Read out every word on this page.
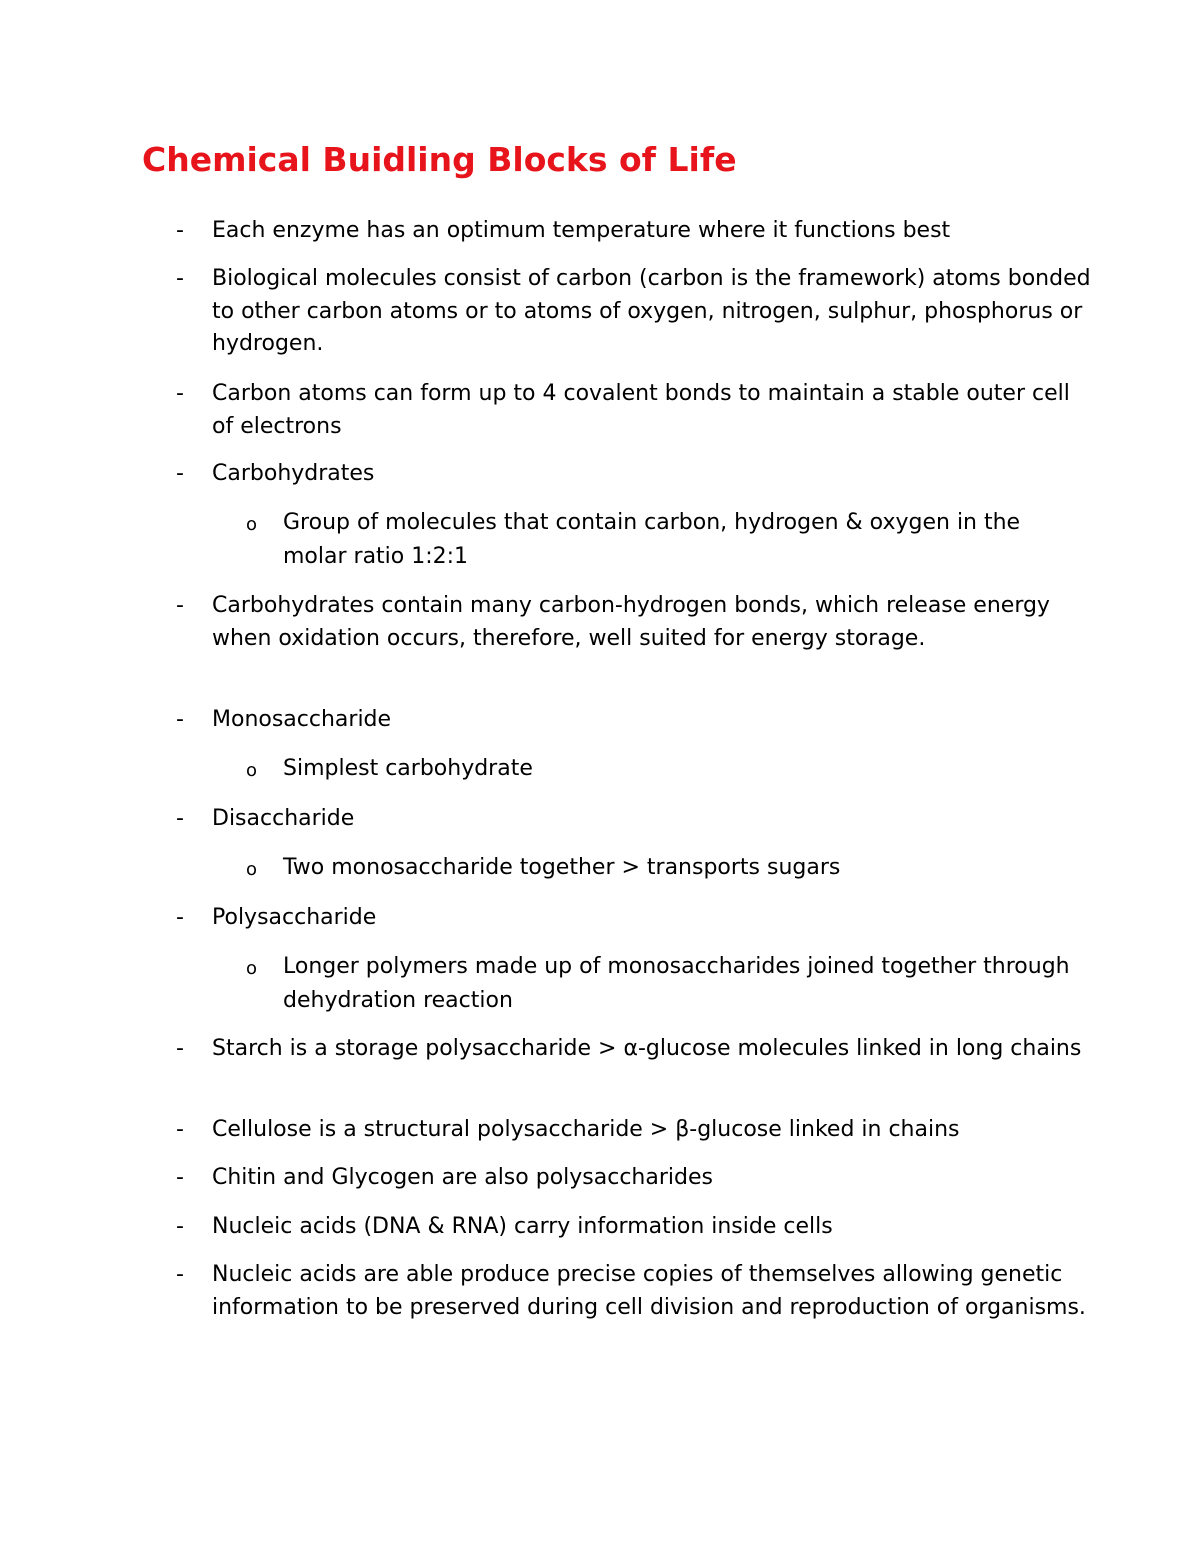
Chemical Buidling Blocks of Life
-	Each enzyme has an optimum temperature where it functions best
-	Biological molecules consist of carbon (carbon is the framework) atoms bonded to other carbon atoms or to atoms of oxygen, nitrogen, sulphur, phosphorus or hydrogen.
-	Carbon atoms can form up to 4 covalent bonds to maintain a stable outer cell of electrons
-	Carbohydrates
o Group of molecules that contain carbon, hydrogen & oxygen in the molar ratio 1:2:1
-	Carbohydrates contain many carbon-hydrogen bonds, which release energy when oxidation occurs, therefore, well suited for energy storage.
-	Monosaccharide
o Simplest carbohydrate
-	Disaccharide
o Two monosaccharide together > transports sugars
-	Polysaccharide
o Longer polymers made up of monosaccharides joined together through dehydration reaction
-	Starch is a storage polysaccharide > α-glucose molecules linked in long chains
-	Cellulose is a structural polysaccharide > β-glucose linked in chains
-	Chitin and Glycogen are also polysaccharides
-	Nucleic acids (DNA & RNA) carry information inside cells
-	Nucleic acids are able produce precise copies of themselves allowing genetic information to be preserved during cell division and reproduction of organisms.
